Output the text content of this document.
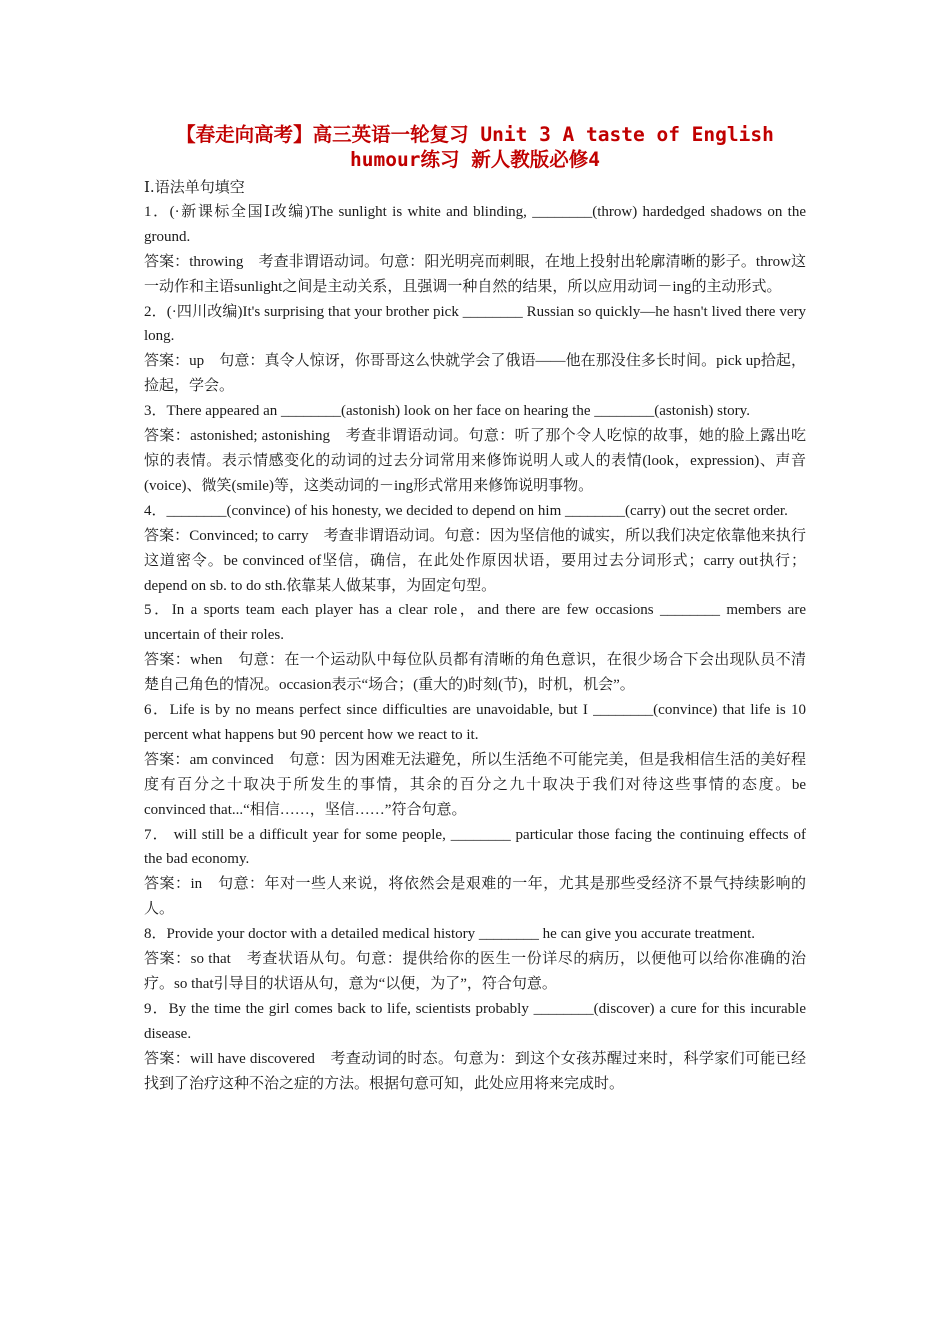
【春走向高考】高三英语一轮复习 Unit 3 A taste of English
humour练习 新人教版必修4

Ⅰ.语法单句填空

1．(·新课标全国Ⅰ改编)The sunlight is white and blinding, ________(throw) hardedged shadows on the ground.

答案：throwing　考查非谓语动词。句意：阳光明亮而刺眼，在地上投射出轮廓清晰的影子。throw这一动作和主语sunlight之间是主动关系，且强调一种自然的结果，所以应用动词－ing的主动形式。

2．(·四川改编)It's surprising that your brother pick ________ Russian so quickly—he hasn't lived there very long.

答案：up　句意：真令人惊讶，你哥哥这么快就学会了俄语——他在那没住多长时间。pick up拾起，捡起，学会。

3．There appeared an ________(astonish) look on her face on hearing the ________(astonish) story.

答案：astonished; astonishing　考查非谓语动词。句意：听了那个令人吃惊的故事，她的脸上露出吃惊的表情。表示情感变化的动词的过去分词常用来修饰说明人或人的表情(look，expression)、声音(voice)、微笑(smile)等，这类动词的－ing形式常用来修饰说明事物。

4．________(convince) of his honesty, we decided to depend on him ________(carry) out the secret order.

答案：Convinced; to carry　考查非谓语动词。句意：因为坚信他的诚实，所以我们决定依靠他来执行这道密令。be convinced of坚信，确信，在此处作原因状语，要用过去分词形式；carry out执行；depend on sb. to do sth.依靠某人做某事，为固定句型。

5．In a sports team each player has a clear role，and there are few occasions ________ members are uncertain of their roles.

答案：when　句意：在一个运动队中每位队员都有清晰的角色意识，在很少场合下会出现队员不清楚自己角色的情况。occasion表示“场合；(重大的)时刻(节)，时机，机会”。

6．Life is by no means perfect since difficulties are unavoidable, but I ________(convince) that life is 10 percent what happens but 90 percent how we react to it.

答案：am convinced　句意：因为困难无法避免，所以生活绝不可能完美，但是我相信生活的美好程度有百分之十取决于所发生的事情，其余的百分之九十取决于我们对待这些事情的态度。be convinced that...“相信……，坚信……”符合句意。

7． will still be a difficult year for some people, ________ particular those facing the continuing effects of the bad economy.

答案：in　句意：年对一些人来说，将依然会是艰难的一年，尤其是那些受经济不景气持续影响的人。

8．Provide your doctor with a detailed medical history ________ he can give you accurate treatment.

答案：so that　考查状语从句。句意：提供给你的医生一份详尽的病历，以便他可以给你准确的治疗。so that引导目的状语从句，意为“以便，为了”，符合句意。

9．By the time the girl comes back to life, scientists probably ________(discover) a cure for this incurable disease.

答案：will have discovered　考查动词的时态。句意为：到这个女孩苏醒过来时，科学家们可能已经找到了治疗这种不治之症的方法。根据句意可知，此处应用将来完成时。
